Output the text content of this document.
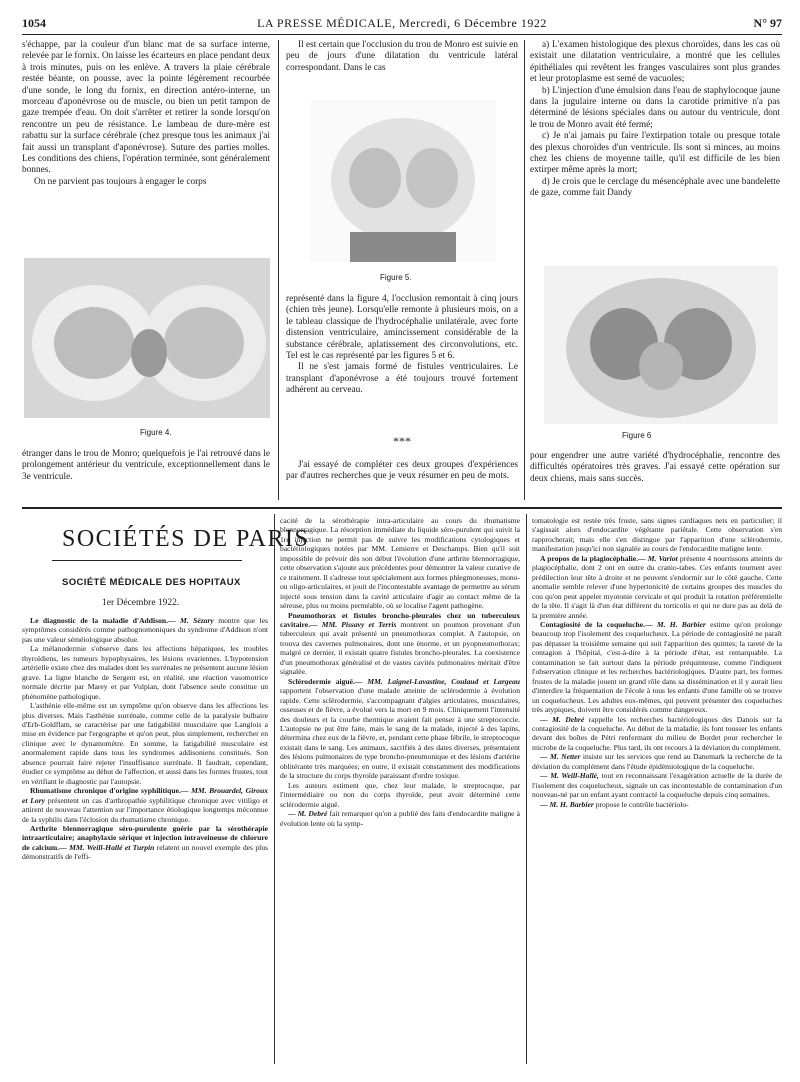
1054	LA PRESSE MÉDICALE, Mercredi, 6 Décembre 1922	N° 97

s'échappe, par la couleur d'un blanc mat de sa surface interne, relevée par le fornix. On laisse les écarteurs en place pendant deux à trois minutes, puis on les enlève. A travers la plaie cérébrale restée béante, on pousse, avec la pointe légèrement recourbée d'une sonde, le long du fornix, en direction antéro-interne, un morceau d'aponévrose ou de muscle, ou bien un petit tampon de gaze trempée d'eau. On doit s'arrêter et retirer la sonde lorsqu'on rencontre un peu de résistance. Le lambeau de dure-mère est rabattu sur la surface cérébrale (chez presque tous les animaux j'ai fait aussi un transplant d'aponévrose). Suture des parties molles. Les conditions des chiens, l'opération terminée, sont généralement bonnes.

On ne parvient pas toujours à engager le corps

Figure 4.

étranger dans le trou de Monro; quelquefois je l'ai retrouvé dans le prolongement antérieur du ventricule, exceptionnellement dans le 3e ventricule.

Il est certain que l'occlusion du trou de Monro est suivie en peu de jours d'une dilatation du ventricule latéral correspondant. Dans le cas

Figure 5.

représenté dans la figure 4, l'occlusion remontait à cinq jours (chien très jeune). Lorsqu'elle remonte à plusieurs mois, on a le tableau classique de l'hydrocéphalie unilatérale, avec forte distension ventriculaire, amincissement considérable de la substance cérébrale, aplatissement des circonvolutions, etc. Tel est le cas représenté par les figures 5 et 6.

Il ne s'est jamais formé de fistules ventriculaires. Le transplant d'aponévrose a été toujours trouvé fortement adhérent au cerveau.

***

J'ai essayé de compléter ces deux groupes d'expériences par d'autres recherches que je veux résumer en peu de mots.

a) L'examen histologique des plexus choroïdes, dans les cas où existait une dilatation ventriculaire, a montré que les cellules épithéliales qui revêtent les franges vasculaires sont plus grandes et leur protoplasme est semé de vacuoles;

b) L'injection d'une émulsion dans l'eau de staphylocoque jaune dans la jugulaire interne ou dans la carotide primitive n'a pas déterminé de lésions spéciales dans ou autour du ventricule, dont le trou de Monro avait été fermé;

c) Je n'ai jamais pu faire l'extirpation totale ou presque totale des plexus choroïdes d'un ventricule. Ils sont si minces, au moins chez les chiens de moyenne taille, qu'il est difficile de les bien extirper même après la mort;

d) Je crois que le cerclage du mésencéphale avec une bandelette de gaze, comme fait Dandy

Figure 6

pour engendrer une autre variété d'hydrocéphalie, rencontre des difficultés opératoires très graves. J'ai essayé cette opération sur deux chiens, mais sans succès.

SOCIÉTÉS DE PARIS
SOCIÉTÉ MÉDICALE DES HOPITAUX
1er Décembre 1922.

Le diagnostic de la maladie d'Addison.— M. Sézary montre que les symptômes considérés comme pathognomoniques du syndrome d'Addison n'ont pas une valeur séméiologique absolue.

La mélanodermie s'observe dans les affections hépatiques, les troubles thyroïdiens, les tumeurs hypophysaires, les lésions ovariennes. L'hypotension artérielle existe chez des malades dont les surrénales ne présentent aucune lésion grave. La ligne blanche de Sergent est, en réalité, une réaction vasomotrice normale décrite par Marey et par Vulpian, dont l'absence seule constitue un phénomène pathologique.

L'asthénie elle-même est un symptôme qu'on observe dans les affections les plus diverses. Mais l'asthénie surrénale, comme celle de la paralysie bulbaire d'Erb-Goldflam, se caractérise par une fatigabilité musculaire que Langlois a mise en évidence par l'ergographe et qu'on peut, plus simplement, rechercher en clinique avec le dynamomètre. En somme, la fatigabilité musculaire est anormalement rapide dans tous les syndromes addisoniens constitués. Son absence pourrait faire rejeter l'insuffisance surrénale. Il faudrait, cependant, étudier ce symptôme au début de l'affection, et aussi dans les formes frustes, tout en vérifiant le diagnostic par l'autopsie.

Rhumatisme chronique d'origine syphilitique.— MM. Brouardel, Giroux et Lory présentent un cas d'arthropathie syphilitique chronique avec vitiligo et attirent de nouveau l'attention sur l'importance étiologique longtemps méconnue de la syphilis dans l'éclosion du rhumatisme chronique.

Arthrite blennorragique séro-purulente guérie par la sérothérapie intraarticulaire; anaphylaxie sérique et injection intraveineuse de chlorure de calcium.— MM. Weill-Hallé et Turpin relatent un nouvel exemple des plus démonstratifs de l'effi-

cacité de la sérothérapie intra-articulaire au cours du rhumatisme blennorragique. La résorption immédiate du liquide séro-purulent qui suivit la 1re injection ne permit pas de suivre les modifications cytologiques et bactériologiques notées par MM. Lemierre et Deschamps. Bien qu'il soit impossible de prévoir dès son début l'évolution d'une arthrite blennorragique, cette observation s'ajoute aux précédentes pour démontrer la valeur curative de ce traitement. Il s'adresse tout spécialement aux formes phlegmoneuses, mono- ou oligo-articulaires, et jouit de l'incontestable avantage de permettre au sérum injecté sous tension dans la cavité articulaire d'agir au contact même de la séreuse, plus ou moins perméable, où se localise l'agent pathogène.

Pneumothorax et fistules broncho-pleurales chez un tuberculeux cavitaire.— MM. Pissavy et Terris montrent un poumon provenant d'un tuberculeux qui avait présenté un pneumothorax complet. A l'autopsie, on trouva des cavernes pulmonaires, dont une énorme, et un pyopneumothorax; malgré ce dernier, il existait quatre fistules broncho-pleurales. La coexistence d'un pneumothorax généralisé et de vastes cavités pulmonaires méritait d'être signalée.

Sclérodermie aiguë.— MM. Laignel-Lavastine, Coulaud et Largeau rapportent l'observation d'une malade atteinte de sclérodermie à évolution rapide. Cette sclérodermie, s'accompagnant d'algies articulaires, musculaires, osseuses et de fièvre, a évolué vers la mort en 9 mois. Cliniquement l'intensité des douleurs et la courbe thermique avaient fait penser à une streptococcie. L'autopsie ne put être faite, mais le sang de la malade, injecté à des lapins, détermina chez eux de la fièvre, et, pendant cette phase fébrile, le streptocoque existait dans le sang. Les animaux, sacrifiés à des dates diverses, présentaient des lésions pulmonaires de type broncho-pneumonique et des lésions d'artérite oblitérante très marquées; en outre, il existait constamment des modifications de la structure du corps thyroïde paraissant d'ordre toxique.

Les auteurs estiment que, chez leur malade, le streptocoque, par l'intermédiaire ou non du corps thyroïde, peut avoir déterminé cette sclérodermie aiguë.

— M. Debré fait remarquer qu'on a publié des faits d'endocardite maligne à évolution lente où la symp-

tomatologie est restée très fruste, sans signes cardiaques nets en particulier; il s'agissait alors d'endocardite végétante pariétale. Cette observation s'en rapprocherait; mais elle s'en distingue par l'apparition d'une sclérodermie, manifestation jusqu'ici non signalée au cours de l'endocardite maligne lente.

A propos de la plagiocéphalie.— M. Variot présente 4 nourrissons atteints de plagiocéphalie, dont 2 ont en outre du cranio-tabes. Ces enfants tournent avec prédilection leur tête à droite et ne peuvent s'endormir sur le côté gauche. Cette anomalie semble relever d'une hypertonicité de certains groupes des muscles du cou qu'on peut appeler myotonie cervicale et qui produit la rotation préférentielle de la tête. Il s'agit là d'un état différent du torticolis et qui ne dure pas au delà de la première année.

Contagiosité de la coqueluche.— M. H. Barbier estime qu'on prolonge beaucoup trop l'isolement des coquelucheux. La période de contagiosité ne paraît pas dépasser la troisième semaine qui suit l'apparition des quintes; la rareté de la contagion à l'hôpital, c'est-à-dire à la période d'état, est remarquable. La contamination se fait surtout dans la période préquinteuse, comme l'indiquent l'observation clinique et les recherches bactériologiques. D'autre part, les formes frustes de la maladie jouent un grand rôle dans sa dissémination et il y aurait lieu d'interdire la fréquentation de l'école à tous les enfants d'une famille où se trouve un coquelucheux. Les adultes eux-mêmes, qui peuvent présenter des coqueluches très atypiques, doivent être considérés comme dangereux.

— M. Debré rappelle les recherches bactériologiques des Danois sur la contagiosité de la coqueluche. Au début de la maladie, ils font tousser les enfants devant des boîtes de Pétri renfermant du milieu de Bordet pour rechercher le microbe de la coqueluche. Plus tard, ils ont recours à la déviation du complément.

— M. Netter insiste sur les services que rend au Danemark la recherche de la déviation du complément dans l'étude épidémiologique de la coqueluche.

— M. Weill-Hallé, tout en reconnaissant l'exagération actuelle de la durée de l'isolement des coquelucheux, signale un cas incontestable de contamination d'un nouveau-né par un enfant ayant contracté la coqueluche depuis cinq semaines.

— M. H. Barbier propose le contrôle bactériolo-
